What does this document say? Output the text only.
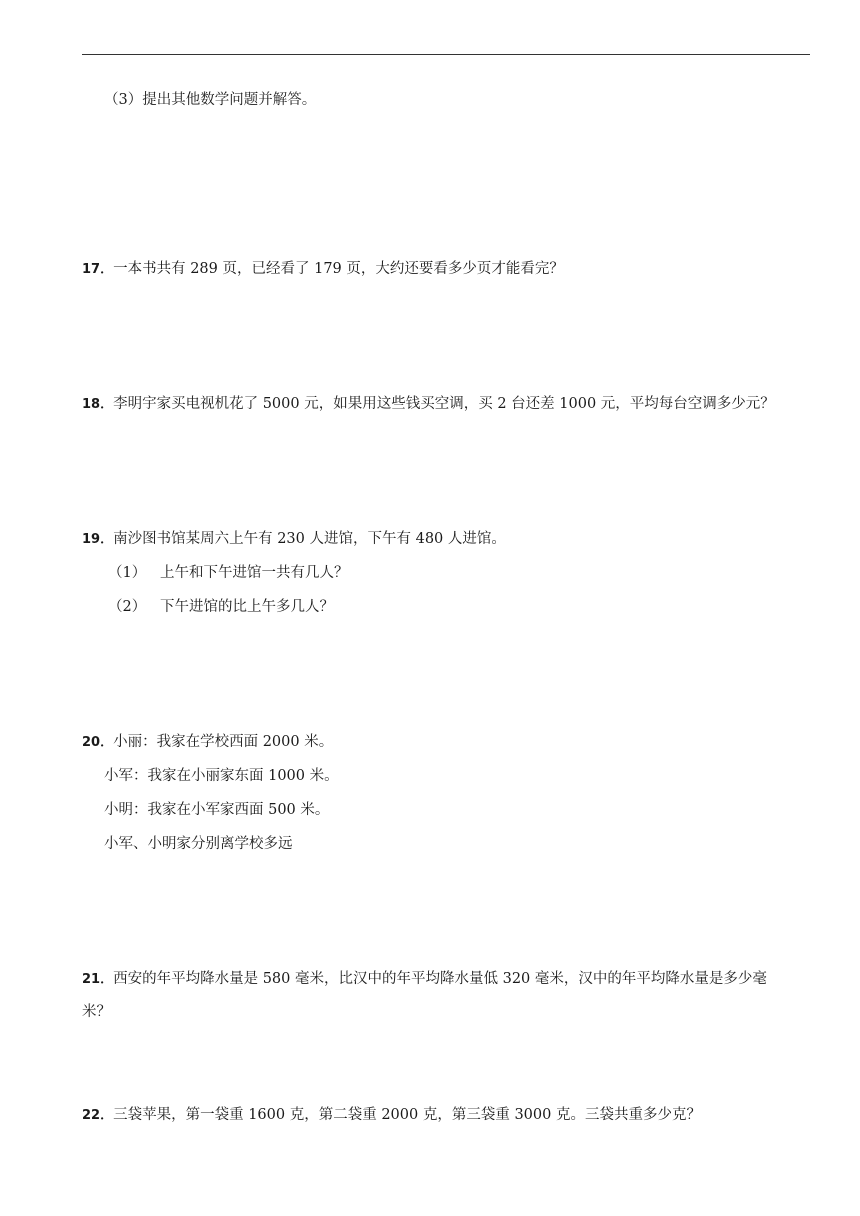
（3）提出其他数学问题并解答。
17．一本书共有 289 页，已经看了 179 页，大约还要看多少页才能看完？
18．李明宇家买电视机花了 5000 元，如果用这些钱买空调，买 2 台还差 1000 元，平均每台空调多少元？
19．南沙图书馆某周六上午有 230 人进馆，下午有 480 人进馆。
（1） 上午和下午进馆一共有几人？
（2） 下午进馆的比上午多几人？
20．小丽：我家在学校西面 2000 米。
小军：我家在小丽家东面 1000 米。
小明：我家在小军家西面 500 米。
小军、小明家分别离学校多远
21．西安的年平均降水量是 580 毫米，比汉中的年平均降水量低 320 毫米，汉中的年平均降水量是多少毫
米？
22．三袋苹果，第一袋重 1600 克，第二袋重 2000 克，第三袋重 3000 克。三袋共重多少克？
